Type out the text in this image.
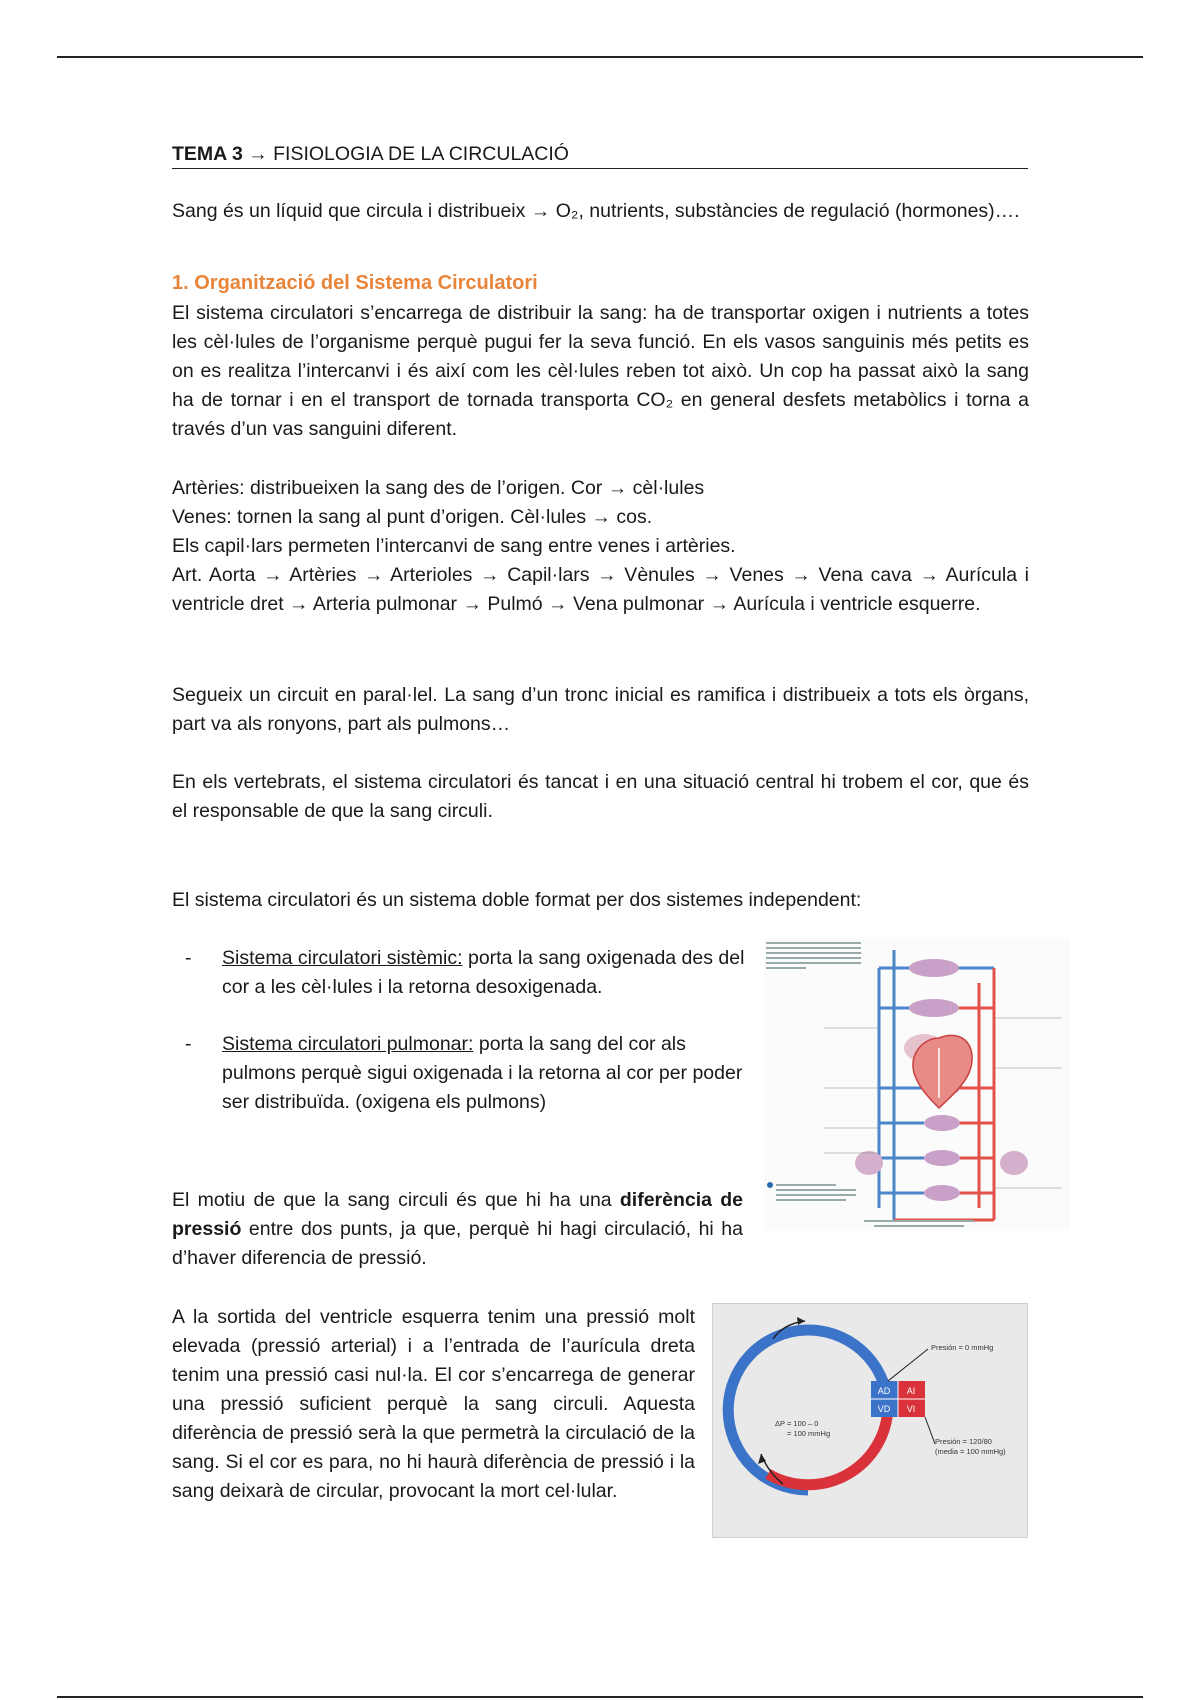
TEMA 3 → FISIOLOGIA DE LA CIRCULACIÓ
Sang és un líquid que circula i distribueix → O₂, nutrients, substàncies de regulació (hormones)….
1. Organització del Sistema Circulatori
El sistema circulatori s’encarrega de distribuir la sang: ha de transportar oxigen i nutrients a totes les cèl·lules de l’organisme perquè pugui fer la seva funció. En els vasos sanguinis més petits es on es realitza l’intercanvi i és així com les cèl·lules reben tot això. Un cop ha passat això la sang ha de tornar i en el transport de tornada transporta CO₂ en general desfets metabòlics i torna a través d’un vas sanguini diferent.
Artèries: distribueixen la sang des de l’origen. Cor → cèl·lules
Venes: tornen la sang al punt d’origen. Cèl·lules → cos.
Els capil·lars permeten l’intercanvi de sang entre venes i artèries.
Art. Aorta → Artèries → Arterioles → Capil·lars → Vènules → Venes → Vena cava → Aurícula i ventricle dret → Arteria pulmonar → Pulmó → Vena pulmonar → Aurícula i ventricle esquerre.
Segueix un circuit en paral·lel. La sang d’un tronc inicial es ramifica i distribueix a tots els òrgans, part va als ronyons, part als pulmons…
En els vertebrats, el sistema circulatori és tancat i en una situació central hi trobem el cor, que és el responsable de que la sang circuli.
El sistema circulatori és un sistema doble format per dos sistemes independent:
- Sistema circulatori sistèmic: porta la sang oxigenada des del cor a les cèl·lules i la retorna desoxigenada.
- Sistema circulatori pulmonar: porta la sang del cor als pulmons perquè sigui oxigenada i la retorna al cor per poder ser distribuïda. (oxigena els pulmons)
El motiu de que la sang circuli és que hi ha una diferència de pressió entre dos punts, ja que, perquè hi hagi circulació, hi ha d’haver diferencia de pressió.
A la sortida del ventricle esquerra tenim una pressió molt elevada (pressió arterial) i a l’entrada de l’aurícula dreta tenim una pressió casi nul·la. El cor s’encarrega de generar una pressió suficient perquè la sang circuli. Aquesta diferència de pressió serà la que permetrà la circulació de la sang. Si el cor es para, no hi haurà diferència de pressió i la sang deixarà de circular, provocant la mort cel·lular.
AD AI
VD VI
Presión = 0 mmHg
ΔP = 100 – 0
= 100 mmHg
Presión = 120/80
(media = 100 mmHg)
